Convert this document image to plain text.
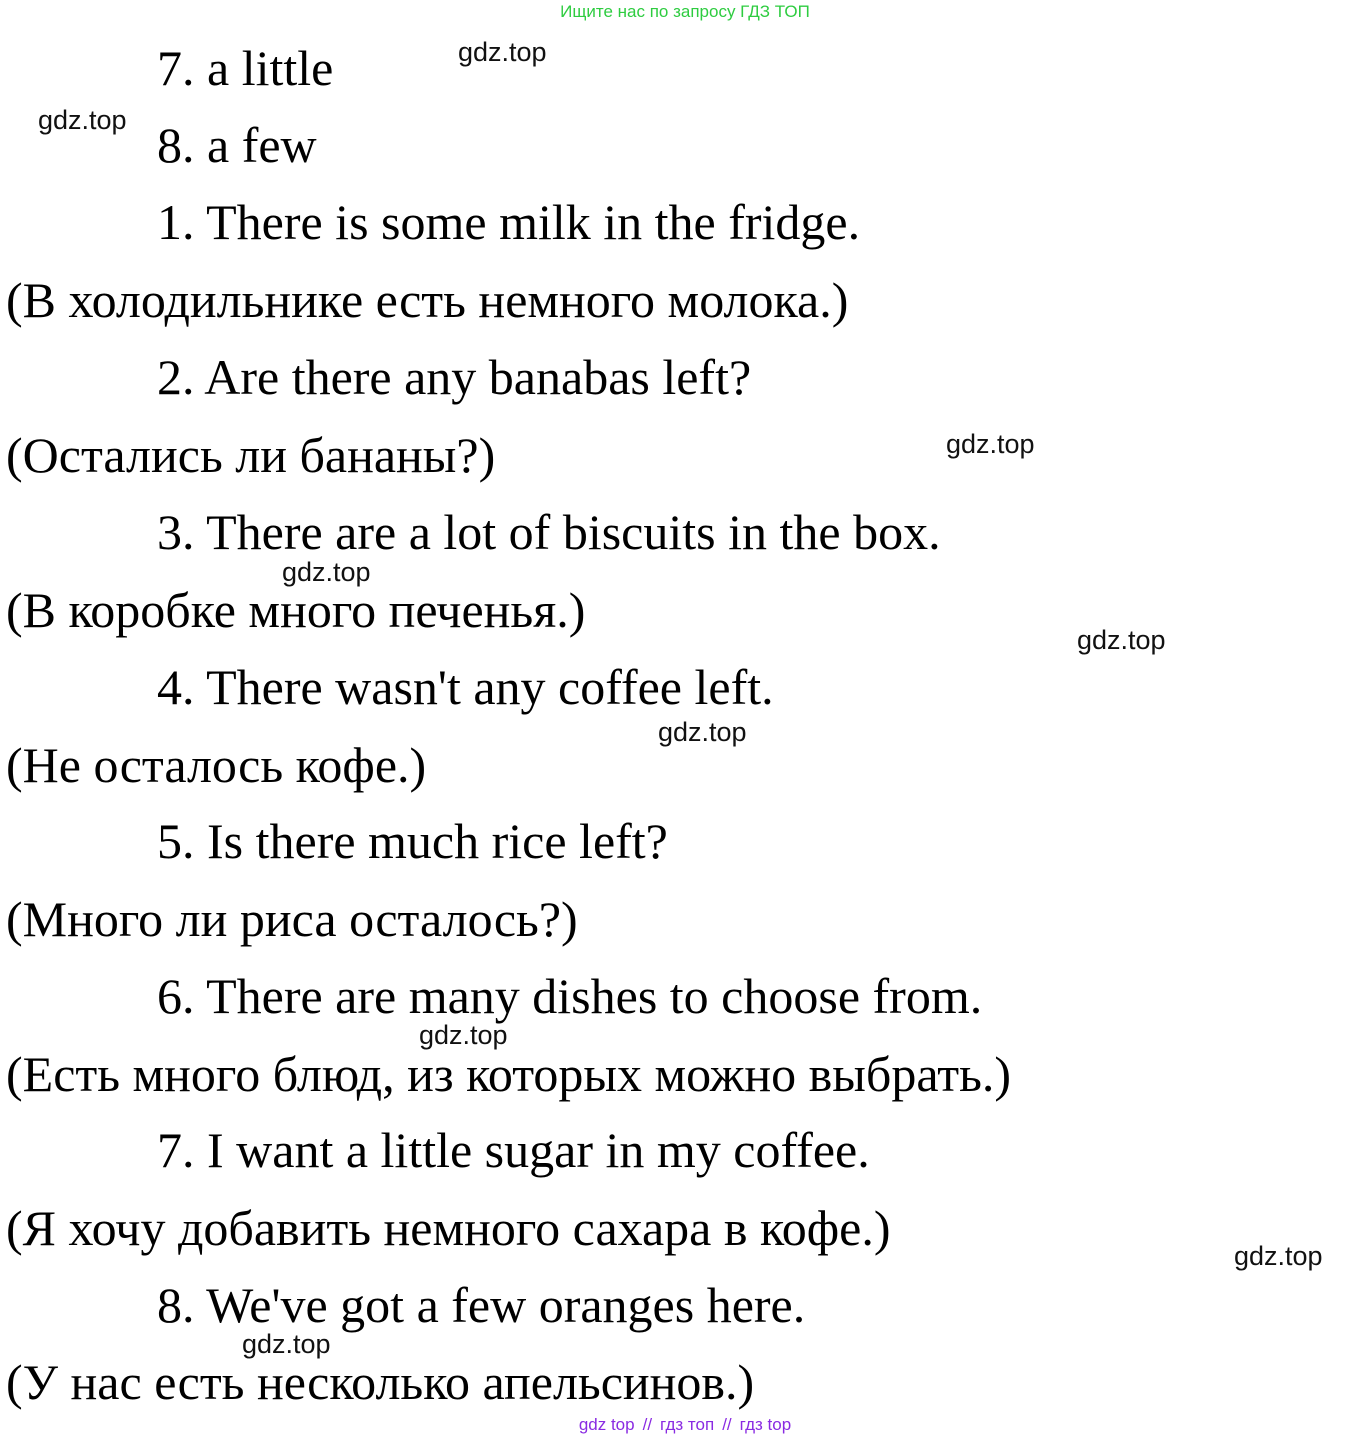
Ищите нас по запросу ГДЗ ТОП
7. a little
8. a few
1. There is some milk in the fridge.
(В холодильнике есть немного молока.)
2. Are there any banabas left?
(Остались ли бананы?)
3. There are a lot of biscuits in the box.
(В коробке много печенья.)
4. There wasn't any coffee left.
(Не осталось кофе.)
5. Is there much rice left?
(Много ли риса осталось?)
6. There are many dishes to choose from.
(Есть много блюд, из которых можно выбрать.)
7. I want a little sugar in my coffee.
(Я хочу добавить немного сахара в кофе.)
8. We've got a few oranges here.
(У нас есть несколько апельсинов.)
gdz.top
gdz.top
gdz.top
gdz.top
gdz.top
gdz.top
gdz.top
gdz.top
gdz.top
gdz top // гдз топ // гдз top
